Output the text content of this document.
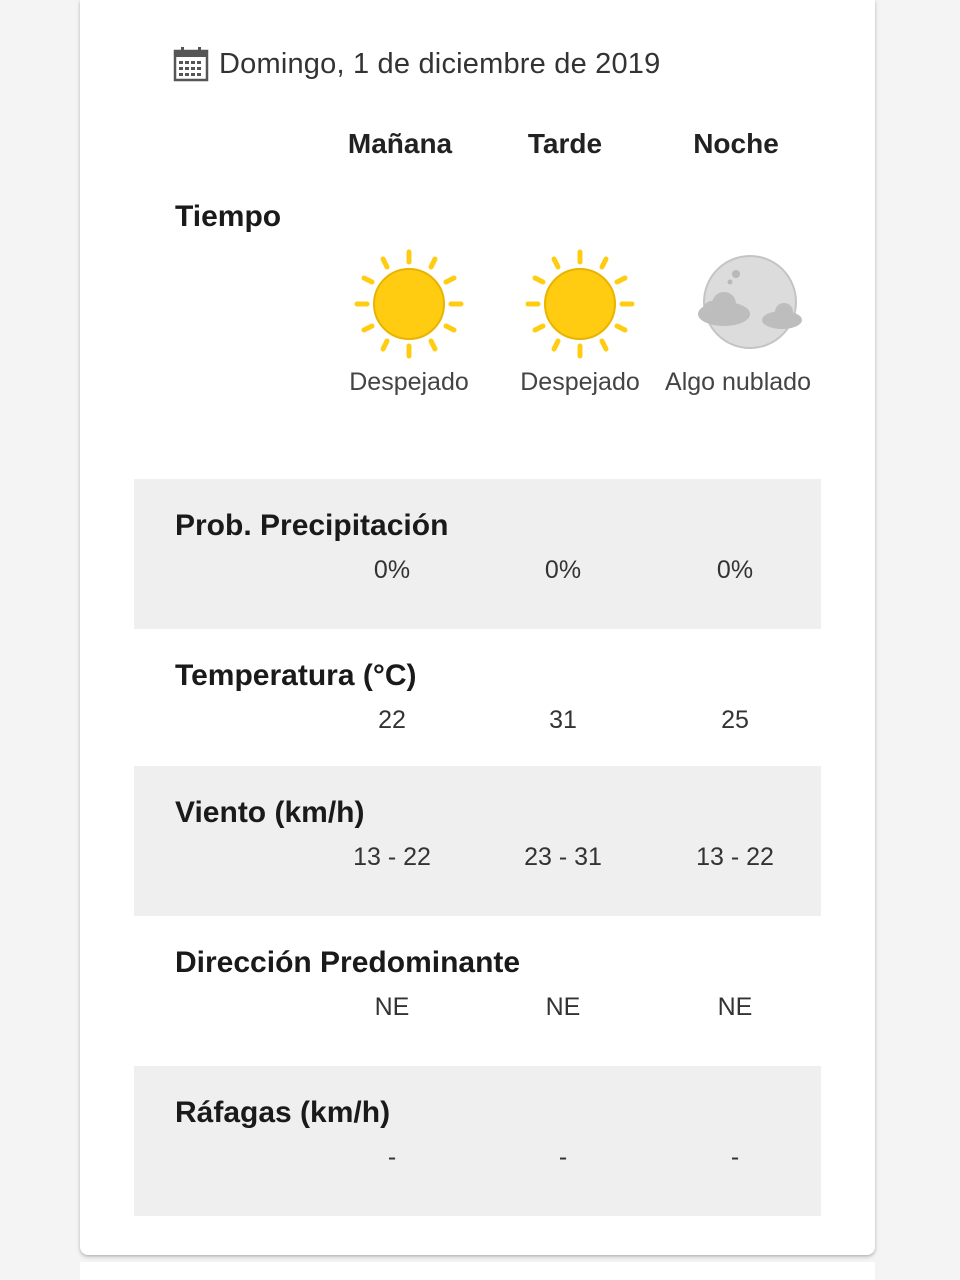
Domingo, 1 de diciembre de 2019
Mañana	Tarde	Noche
Tiempo
Despejado	Despejado	Algo nublado
Prob. Precipitación
0%	0%	0%
Temperatura (°C)
22	31	25
Viento (km/h)
13 - 22	23 - 31	13 - 22
Dirección Predominante
NE	NE	NE
Ráfagas (km/h)
-	-	-
